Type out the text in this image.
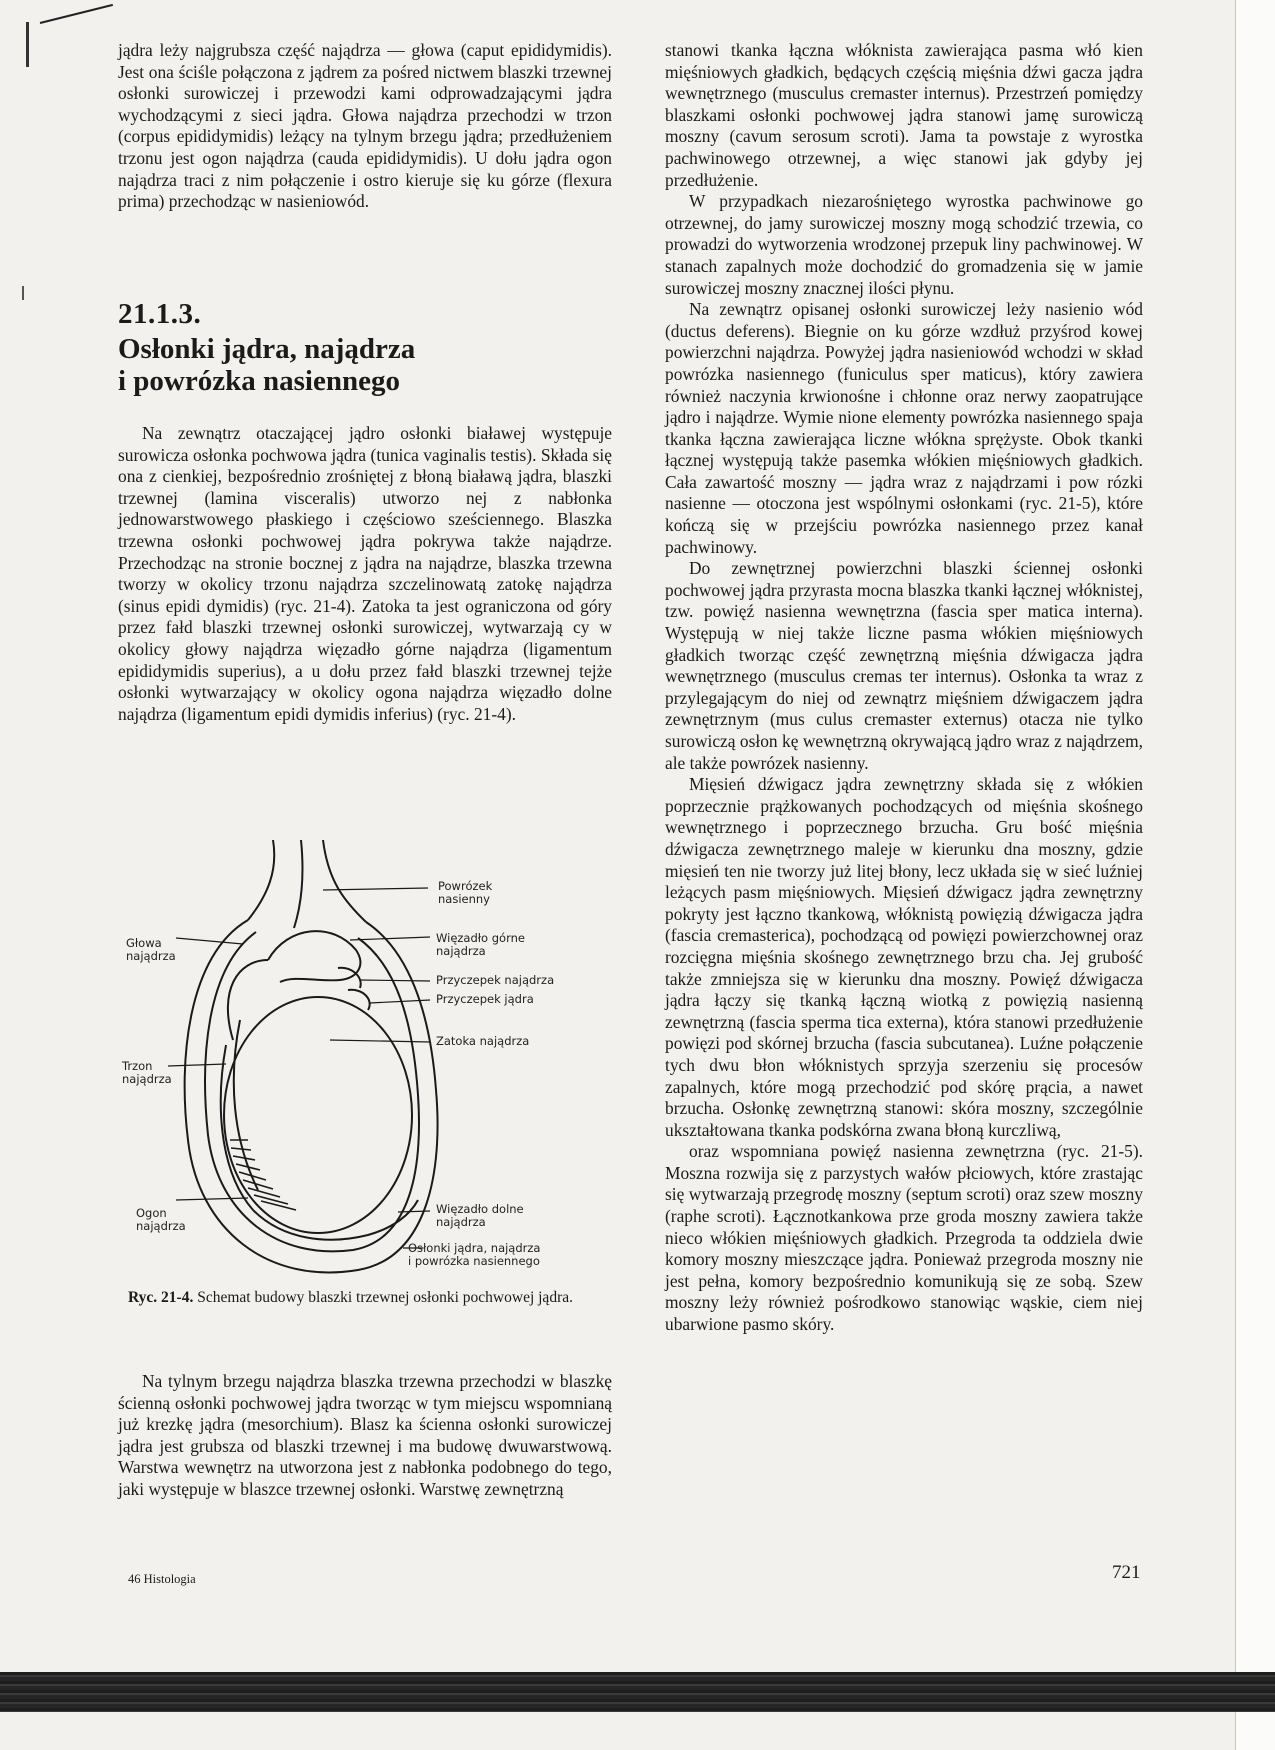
jądra leży najgrubsza część najądrza — głowa (caput epididymidis). Jest ona ściśle połączona z jądrem za pośred nictwem blaszki trzewnej osłonki surowiczej i przewodzi kami odprowadzającymi jądra wychodzącymi z sieci jądra. Głowa najądrza przechodzi w trzon (corpus epididymidis) leżący na tylnym brzegu jądra; przedłużeniem trzonu jest ogon najądrza (cauda epididymidis). U dołu jądra ogon najądrza traci z nim połączenie i ostro kieruje się ku górze (flexura prima) przechodząc w nasieniowód.

21.1.3.
Osłonki jądra, najądrza
i powrózka nasiennego

Na zewnątrz otaczającej jądro osłonki białawej występuje surowicza osłonka pochwowa jądra (tunica vaginalis testis). Składa się ona z cienkiej, bezpośrednio zrośniętej z błoną białawą jądra, blaszki trzewnej (lamina visceralis) utworzo nej z nabłonka jednowarstwowego płaskiego i częściowo sześciennego. Blaszka trzewna osłonki pochwowej jądra pokrywa także najądrze. Przechodząc na stronie bocznej z jądra na najądrze, blaszka trzewna tworzy w okolicy trzonu najądrza szczelinowatą zatokę najądrza (sinus epidi dymidis) (ryc. 21-4). Zatoka ta jest ograniczona od góry przez fałd blaszki trzewnej osłonki surowiczej, wytwarzają cy w okolicy głowy najądrza więzadło górne najądrza (ligamentum epididymidis superius), a u dołu przez fałd blaszki trzewnej tejże osłonki wytwarzający w okolicy ogona najądrza więzadło dolne najądrza (ligamentum epidi dymidis inferius) (ryc. 21-4).

Powrózek
nasienny
Głowa
najądrza
Więzadło górne
najądrza
Przyczepek najądrza
Przyczepek jądra
Trzon
najądrza
Zatoka najądrza
Więzadło dolne
najądrza
Ogon
najądrza
Osłonki jądra, najądrza
i powrózka nasiennego
Ryc. 21-4. Schemat budowy blaszki trzewnej osłonki pochwowej jądra.

Na tylnym brzegu najądrza blaszka trzewna przechodzi w blaszkę ścienną osłonki pochwowej jądra tworząc w tym miejscu wspomnianą już krezkę jądra (mesorchium). Blasz ka ścienna osłonki surowiczej jądra jest grubsza od blaszki trzewnej i ma budowę dwuwarstwową. Warstwa wewnętrz na utworzona jest z nabłonka podobnego do tego, jaki występuje w blaszce trzewnej osłonki. Warstwę zewnętrzną

stanowi tkanka łączna włóknista zawierająca pasma włó kien mięśniowych gładkich, będących częścią mięśnia dźwi gacza jądra wewnętrznego (musculus cremaster internus). Przestrzeń pomiędzy blaszkami osłonki pochwowej jądra stanowi jamę surowiczą moszny (cavum serosum scroti). Jama ta powstaje z wyrostka pachwinowego otrzewnej, a więc stanowi jak gdyby jej przedłużenie.

W przypadkach niezarośniętego wyrostka pachwinowe go otrzewnej, do jamy surowiczej moszny mogą schodzić trzewia, co prowadzi do wytworzenia wrodzonej przepuk liny pachwinowej. W stanach zapalnych może dochodzić do gromadzenia się w jamie surowiczej moszny znacznej ilości płynu.

Na zewnątrz opisanej osłonki surowiczej leży nasienio wód (ductus deferens). Biegnie on ku górze wzdłuż przyśrod kowej powierzchni najądrza. Powyżej jądra nasieniowód wchodzi w skład powrózka nasiennego (funiculus sper maticus), który zawiera również naczynia krwionośne i chłonne oraz nerwy zaopatrujące jądro i najądrze. Wymie nione elementy powrózka nasiennego spaja tkanka łączna zawierająca liczne włókna sprężyste. Obok tkanki łącznej występują także pasemka włókien mięśniowych gładkich. Cała zawartość moszny — jądra wraz z najądrzami i pow rózki nasienne — otoczona jest wspólnymi osłonkami (ryc. 21-5), które kończą się w przejściu powrózka nasiennego przez kanał pachwinowy.

Do zewnętrznej powierzchni blaszki ściennej osłonki pochwowej jądra przyrasta mocna blaszka tkanki łącznej włóknistej, tzw. powięź nasienna wewnętrzna (fascia sper matica interna). Występują w niej także liczne pasma włókien mięśniowych gładkich tworząc część zewnętrzną mięśnia dźwigacza jądra wewnętrznego (musculus cremas ter internus). Osłonka ta wraz z przylegającym do niej od zewnątrz mięśniem dźwigaczem jądra zewnętrznym (mus culus cremaster externus) otacza nie tylko surowiczą osłon kę wewnętrzną okrywającą jądro wraz z najądrzem, ale także powrózek nasienny.

Mięsień dźwigacz jądra zewnętrzny składa się z włókien poprzecznie prążkowanych pochodzących od mięśnia skośnego wewnętrznego i poprzecznego brzucha. Gru bość mięśnia dźwigacza zewnętrznego maleje w kierunku dna moszny, gdzie mięsień ten nie tworzy już litej błony, lecz układa się w sieć luźniej leżących pasm mięśniowych. Mięsień dźwigacz jądra zewnętrzny pokryty jest łączno tkankową, włóknistą powięzią dźwigacza jądra (fascia cremasterica), pochodzącą od powięzi powierzchownej oraz rozcięgna mięśnia skośnego zewnętrznego brzu cha. Jej grubość także zmniejsza się w kierunku dna moszny. Powięź dźwigacza jądra łączy się tkanką łączną wiotką z powięzią nasienną zewnętrzną (fascia sperma tica externa), która stanowi przedłużenie powięzi pod skórnej brzucha (fascia subcutanea). Luźne połączenie tych dwu błon włóknistych sprzyja szerzeniu się procesów zapalnych, które mogą przechodzić pod skórę prącia, a nawet brzucha. Osłonkę zewnętrzną stanowi: skóra moszny, szczególnie ukształtowana tkanka podskórna zwana błoną kurczliwą,

oraz wspomniana powięź nasienna zewnętrzna (ryc. 21-5). Moszna rozwija się z parzystych wałów płciowych, które zrastając się wytwarzają przegrodę moszny (septum scroti) oraz szew moszny (raphe scroti). Łącznotkankowa prze groda moszny zawiera także nieco włókien mięśniowych gładkich. Przegroda ta oddziela dwie komory moszny mieszczące jądra. Ponieważ przegroda moszny nie jest pełna, komory bezpośrednio komunikują się ze sobą. Szew moszny leży również pośrodkowo stanowiąc wąskie, ciem niej ubarwione pasmo skóry.

46 Histologia	721
